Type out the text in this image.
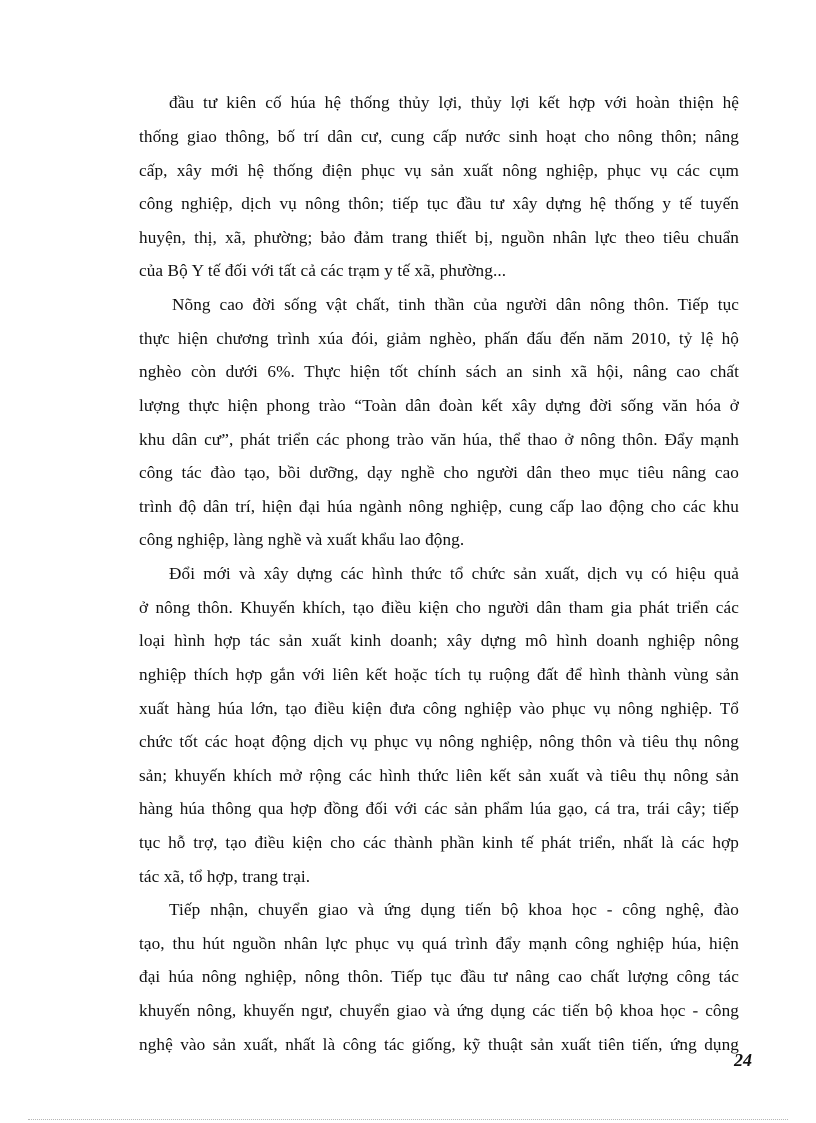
đầu tư kiên cố húa hệ thống thủy lợi, thủy lợi kết hợp với hoàn thiện hệ
thống giao thông, bố trí dân cư, cung cấp nước sinh hoạt cho nông thôn; nâng
cấp, xây mới hệ thống điện phục vụ sản xuất nông nghiệp, phục vụ các cụm
công nghiệp, dịch vụ nông thôn; tiếp tục đầu tư xây dựng hệ thống y tế tuyến
huyện, thị, xã, phường; bảo đảm trang thiết bị, nguồn nhân lực theo tiêu chuẩn
của Bộ Y tế đối với tất cả các trạm y tế xã, phường...
Nõng cao đời sống vật chất, tinh thần của người dân nông thôn. Tiếp tục
thực hiện chương trình xúa đói, giảm nghèo, phấn đấu đến năm 2010, tỷ lệ hộ
nghèo còn dưới 6%. Thực hiện tốt chính sách an sinh xã hội, nâng cao chất
lượng thực hiện phong trào “Toàn dân đoàn kết xây dựng đời sống văn hóa ở
khu dân cư”, phát triển các phong trào văn húa, thể thao ở nông thôn. Đẩy mạnh
công tác đào tạo, bồi dưỡng, dạy nghề cho người dân theo mục tiêu nâng cao
trình độ dân trí, hiện đại húa ngành nông nghiệp, cung cấp lao động cho các khu
công nghiệp, làng nghề và xuất khẩu lao động.
Đổi mới và xây dựng các hình thức tổ chức sản xuất, dịch vụ có hiệu quả
ở nông thôn. Khuyến khích, tạo điều kiện cho người dân tham gia phát triển các
loại hình hợp tác sản xuất kinh doanh; xây dựng mô hình doanh nghiệp nông
nghiệp thích hợp gắn với liên kết hoặc tích tụ ruộng đất để hình thành vùng sản
xuất hàng húa lớn, tạo điều kiện đưa công nghiệp vào phục vụ nông nghiệp. Tổ
chức tốt các hoạt động dịch vụ phục vụ nông nghiệp, nông thôn và tiêu thụ nông
sản; khuyến khích mở rộng các hình thức liên kết sản xuất và tiêu thụ nông sản
hàng húa thông qua hợp đồng đối với các sản phẩm lúa gạo, cá tra, trái cây; tiếp
tục hỗ trợ, tạo điều kiện cho các thành phần kinh tế phát triển, nhất là các hợp
tác xã, tổ hợp, trang trại.
Tiếp nhận, chuyển giao và ứng dụng tiến bộ khoa học - công nghệ, đào
tạo, thu hút nguồn nhân lực phục vụ quá trình đẩy mạnh công nghiệp húa, hiện
đại húa nông nghiệp, nông thôn. Tiếp tục đầu tư nâng cao chất lượng công tác
khuyến nông, khuyến ngư, chuyển giao và ứng dụng các tiến bộ khoa học - công
nghệ vào sản xuất, nhất là công tác giống, kỹ thuật sản xuất tiên tiến, ứng dụng
24
